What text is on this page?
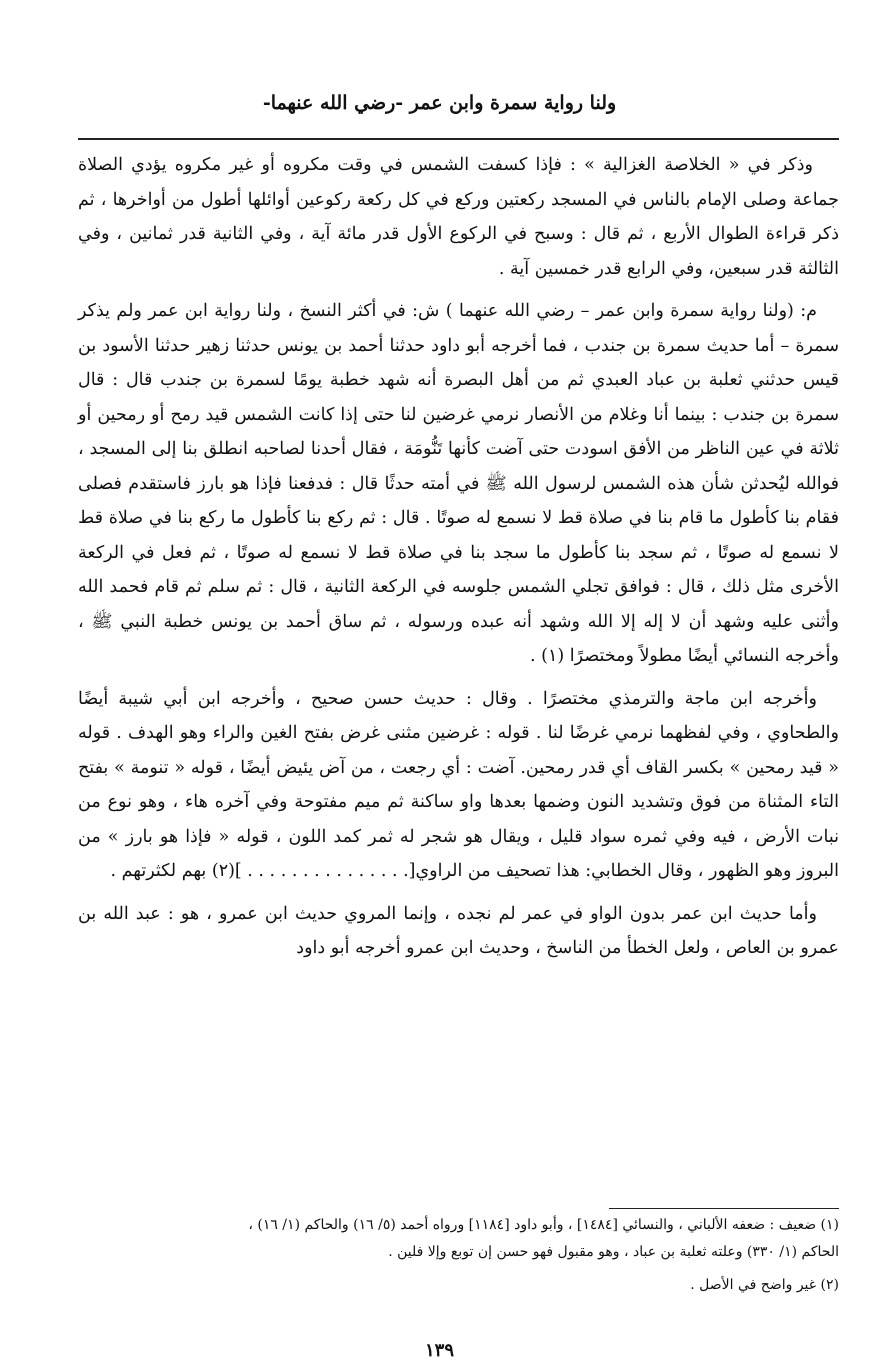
ولنا رواية سمرة وابن عمر -رضي الله عنهما-

وذكر في « الخلاصة الغزالية » : فإذا كسفت الشمس في وقت مكروه أو غير مكروه يؤدي الصلاة جماعة وصلى الإمام بالناس في المسجد ركعتين وركع في كل ركعة ركوعين أوائلها أطول من أواخرها ، ثم ذكر قراءة الطوال الأربع ، ثم قال : وسبح في الركوع الأول قدر مائة آية ، وفي الثانية قدر ثمانين ، وفي الثالثة قدر سبعين، وفي الرابع قدر خمسين آية .

م: (ولنا رواية سمرة وابن عمر – رضي الله عنهما ) ش: في أكثر النسخ ، ولنا رواية ابن عمر ولم يذكر سمرة – أما حديث سمرة بن جندب ، فما أخرجه أبو داود حدثنا أحمد بن يونس حدثنا زهير حدثنا الأسود بن قيس حدثني ثعلبة بن عباد العبدي ثم من أهل البصرة أنه شهد خطبة يومًا لسمرة بن جندب قال : قال سمرة بن جندب : بينما أنا وغلام من الأنصار نرمي غرضين لنا حتى إذا كانت الشمس قيد رمح أو رمحين أو ثلاثة في عين الناظر من الأفق اسودت حتى آضت كأنها تَنُّومَة ، فقال أحدنا لصاحبه انطلق بنا إلى المسجد ، فوالله ليُحدثن شأن هذه الشمس لرسول الله ﷺ في أمته حدثًا قال : فدفعنا فإذا هو بارز فاستقدم فصلى فقام بنا كأطول ما قام بنا في صلاة قط لا نسمع له صوتًا . قال : ثم ركع بنا كأطول ما ركع بنا في صلاة قط لا نسمع له صوتًا ، ثم سجد بنا كأطول ما سجد بنا في صلاة قط لا نسمع له صوتًا ، ثم فعل في الركعة الأخرى مثل ذلك ، قال : فوافق تجلي الشمس جلوسه في الركعة الثانية ، قال : ثم سلم ثم قام فحمد الله وأثنى عليه وشهد أن لا إله إلا الله وشهد أنه عبده ورسوله ، ثم ساق أحمد بن يونس خطبة النبي ﷺ ، وأخرجه النسائي أيضًا مطولاً ومختصرًا (١) .

وأخرجه ابن ماجة والترمذي مختصرًا . وقال : حديث حسن صحيح ، وأخرجه ابن أبي شيبة أيضًا والطحاوي ، وفي لفظهما نرمي غرضًا لنا . قوله : غرضين مثنى غرض بفتح الغين والراء وهو الهدف . قوله « قيد رمحين » بكسر القاف أي قدر رمحين. آضت : أي رجعت ، من آض يئيض أيضًا ، قوله « تنومة » بفتح التاء المثناة من فوق وتشديد النون وضمها بعدها واو ساكنة ثم ميم مفتوحة وفي آخره هاء ، وهو نوع من نبات الأرض ، فيه وفي ثمره سواد قليل ، ويقال هو شجر له ثمر كمد اللون ، قوله « فإذا هو بارز » من البروز وهو الظهور ، وقال الخطابي: هذا تصحيف من الراوي[. . . . . . . . . . . . . . . ](٢) بهم لكثرتهم .

وأما حديث ابن عمر بدون الواو في عمر لم نجده ، وإنما المروي حديث ابن عمرو ، هو : عبد الله بن عمرو بن العاص ، ولعل الخطأ من الناسخ ، وحديث ابن عمرو أخرجه أبو داود

(١) ضعيف : ضعفه الألباني ، والنسائي [١٤٨٤] ، وأبو داود [١١٨٤] ورواه أحمد (٥/ ١٦) والحاكم (١/ ١٦) ،

الحاكم (١/ ٣٣٠) وعلته ثعلبة بن عباد ، وهو مقبول فهو حسن إن توبع وإلا فلين .

(٢) غير واضح في الأصل .

١٣٩
